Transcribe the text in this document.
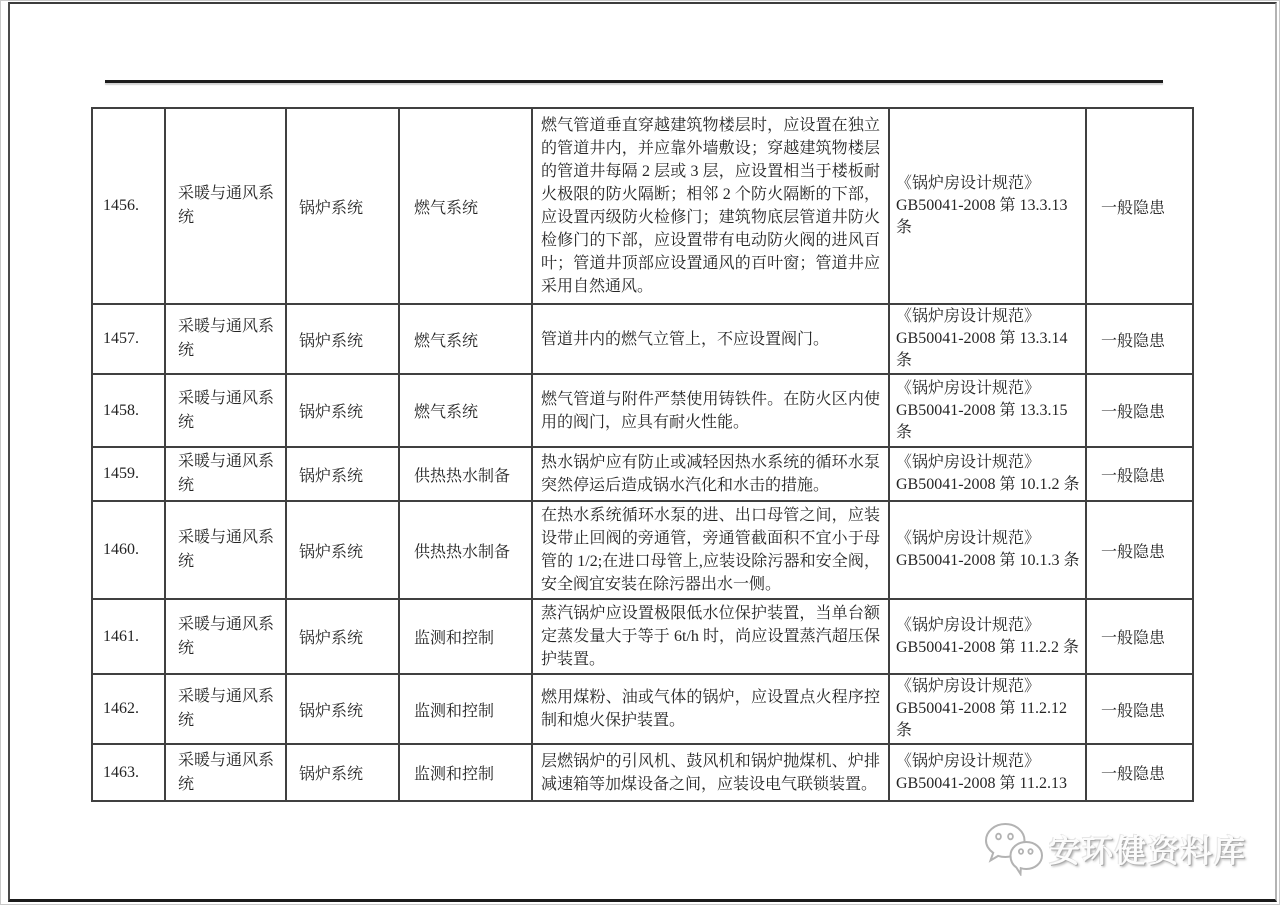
1456.	采暖与通风系统	锅炉系统	燃气系统	燃气管道垂直穿越建筑物楼层时，应设置在独立的管道井内，并应靠外墙敷设；穿越建筑物楼层的管道井每隔 2 层或 3 层，应设置相当于楼板耐火极限的防火隔断；相邻 2 个防火隔断的下部，应设置丙级防火检修门；建筑物底层管道井防火检修门的下部，应设置带有电动防火阀的进风百叶；管道井顶部应设置通风的百叶窗；管道井应采用自然通风。	《锅炉房设计规范》GB50041-2008 第 13.3.13 条	一般隐患
1457.	采暖与通风系统	锅炉系统	燃气系统	管道井内的燃气立管上，不应设置阀门。	《锅炉房设计规范》GB50041-2008 第 13.3.14 条	一般隐患
1458.	采暖与通风系统	锅炉系统	燃气系统	燃气管道与附件严禁使用铸铁件。在防火区内使用的阀门，应具有耐火性能。	《锅炉房设计规范》GB50041-2008 第 13.3.15 条	一般隐患
1459.	采暖与通风系统	锅炉系统	供热热水制备	热水锅炉应有防止或减轻因热水系统的循环水泵突然停运后造成锅水汽化和水击的措施。	《锅炉房设计规范》GB50041-2008 第 10.1.2 条	一般隐患
1460.	采暖与通风系统	锅炉系统	供热热水制备	在热水系统循环水泵的进、出口母管之间，应装设带止回阀的旁通管，旁通管截面积不宜小于母管的 1/2;在进口母管上,应装设除污器和安全阀，安全阀宜安装在除污器出水一侧。	《锅炉房设计规范》GB50041-2008 第 10.1.3 条	一般隐患
1461.	采暖与通风系统	锅炉系统	监测和控制	蒸汽锅炉应设置极限低水位保护装置，当单台额定蒸发量大于等于 6t/h 时，尚应设置蒸汽超压保护装置。	《锅炉房设计规范》GB50041-2008 第 11.2.2 条	一般隐患
1462.	采暖与通风系统	锅炉系统	监测和控制	燃用煤粉、油或气体的锅炉，应设置点火程序控制和熄火保护装置。	《锅炉房设计规范》GB50041-2008 第 11.2.12 条	一般隐患
1463.	采暖与通风系统	锅炉系统	监测和控制	层燃锅炉的引风机、鼓风机和锅炉抛煤机、炉排减速箱等加煤设备之间，应装设电气联锁装置。	《锅炉房设计规范》GB50041-2008 第 11.2.13	一般隐患
安环健资料库
